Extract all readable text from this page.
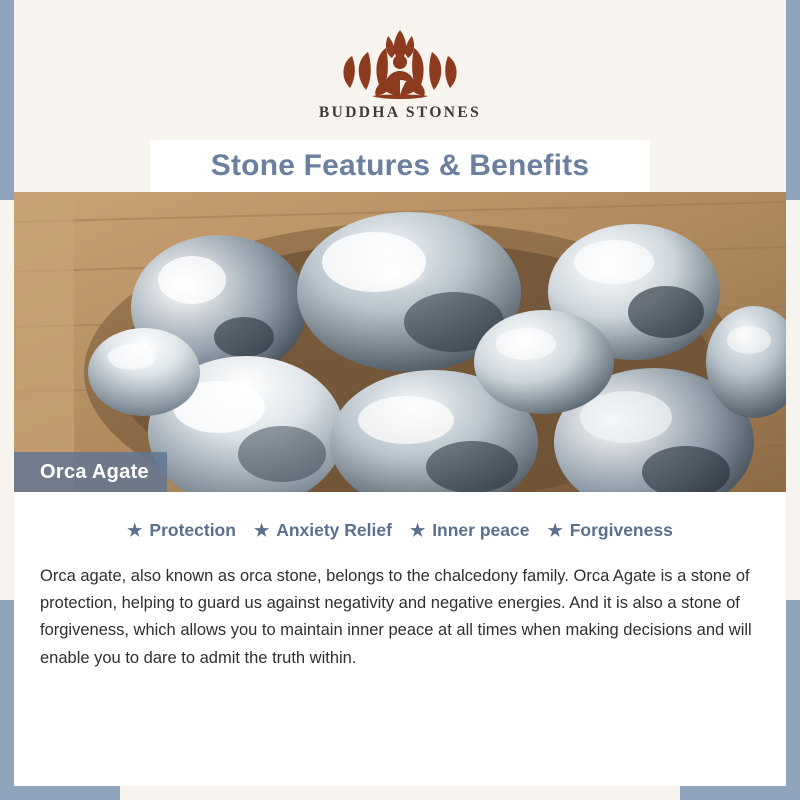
BUDDHA STONES
Stone Features & Benefits
Orca Agate
★ Protection ★ Anxiety Relief ★ Inner peace ★ Forgiveness
Orca agate, also known as orca stone, belongs to the chalcedony family. Orca Agate is a stone of protection, helping to guard us against negativity and negative energies. And it is also a stone of forgiveness, which allows you to maintain inner peace at all times when making decisions and will enable you to dare to admit the truth within.
